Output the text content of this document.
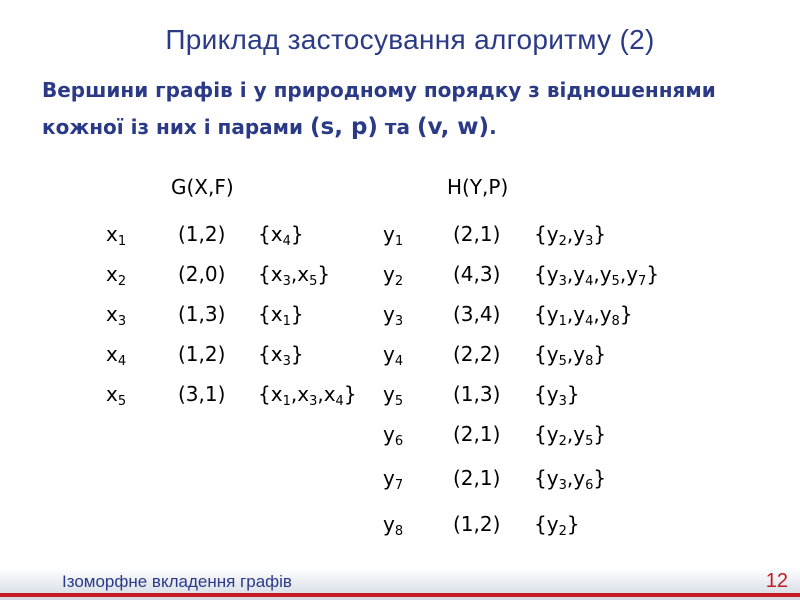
Приклад застосування алгоритму (2)
Вершини графів і у природному порядку з відношеннями
кожної із них і парами (s, p) та (v, w).
G(X,F)	H(Y,P)
$x_1$	(1,2) $\{x_4\}$
$x_2$	(2,0) $\{x_3,x_5\}$
$x_3$	(1,3) $\{x_1\}$
$x_4$	(1,2) $\{x_3\}$
$x_5$	(3,1) $\{x_1,x_3,x_4\}$
$y_1$ (2,1) $\{y_2,y_3\}$
$y_2$ (4,3) $\{y_3,y_4,y_5,y_7\}$
$y_3$ (3,4) $\{y_1,y_4,y_8\}$
$y_4$ (2,2) $\{y_5,y_8\}$
$y_5$ (1,3) $\{y_3\}$
$y_6$ (2,1) $\{y_2,y_5\}$
$y_7$ (2,1) $\{y_3,y_6\}$
$y_8$ (1,2) $\{y_2\}$
Ізоморфне вкладення графів	12
